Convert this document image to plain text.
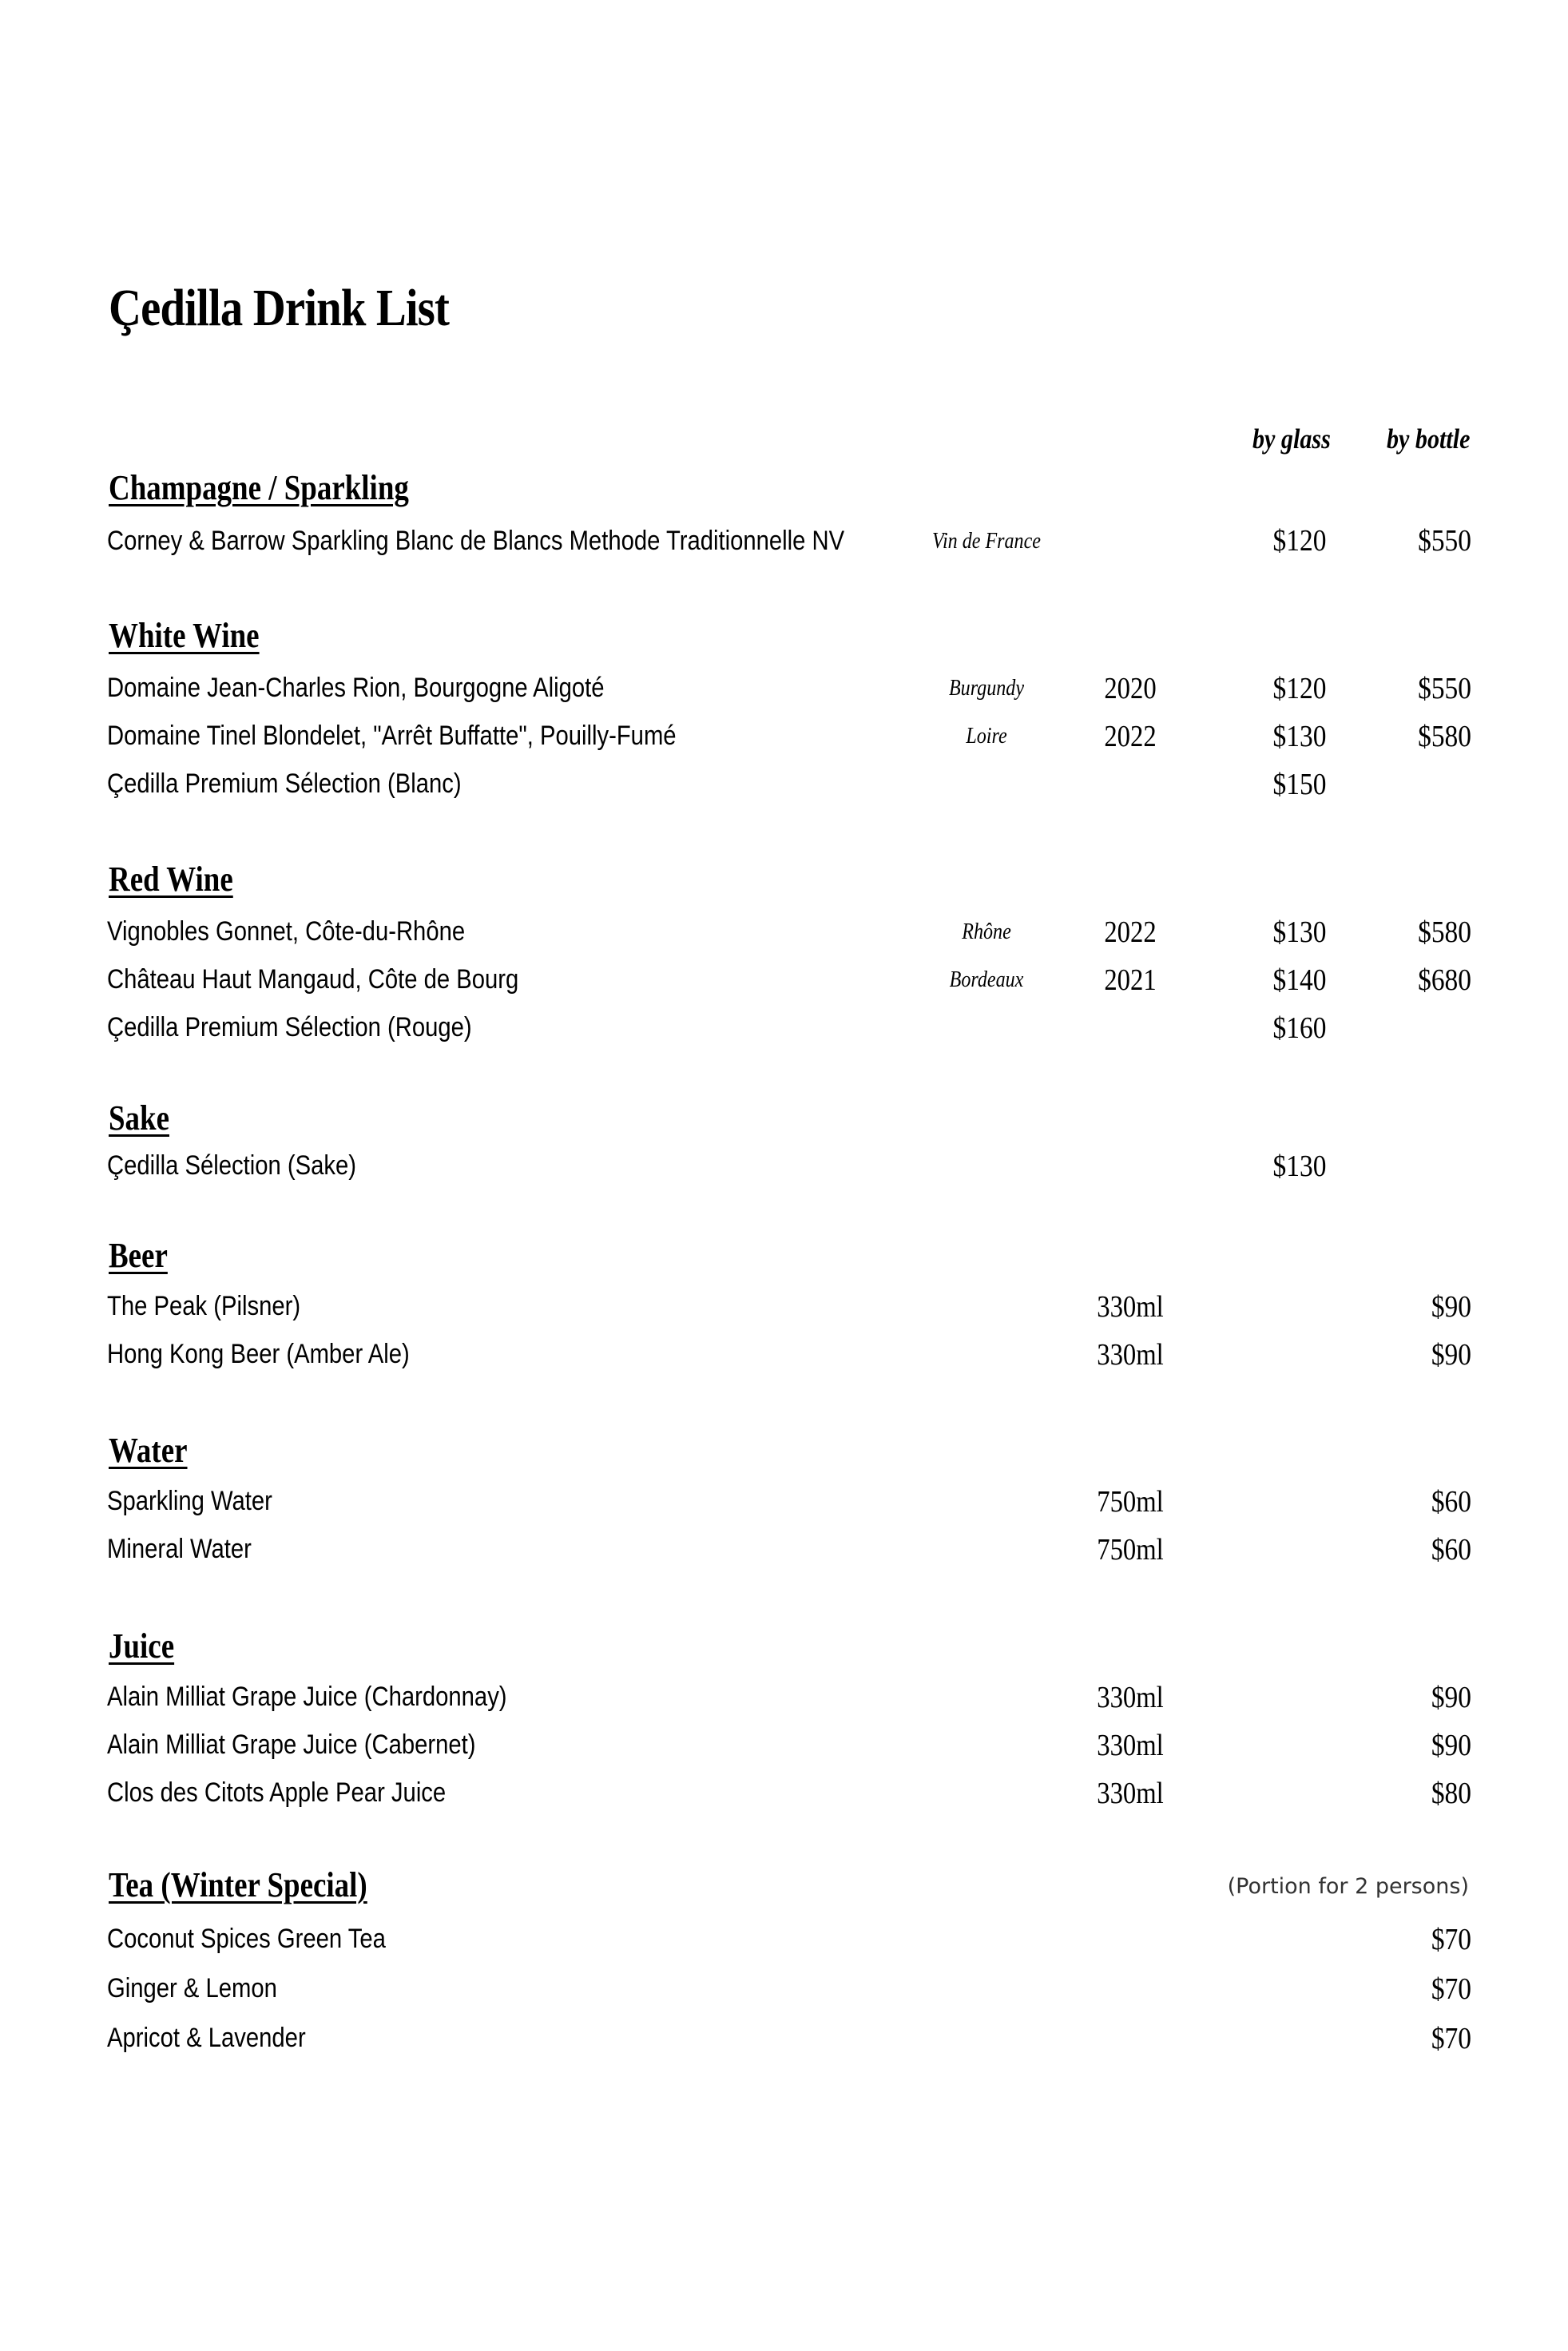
Çedilla Drink List
by glass by bottle
Champagne / Sparkling
Corney & Barrow Sparkling Blanc de Blancs Methode Traditionnelle NV	Vin de France	$120	$550
White Wine
Domaine Jean-Charles Rion, Bourgogne Aligoté	Burgundy	2020	$120	$550
Domaine Tinel Blondelet, "Arrêt Buffatte", Pouilly-Fumé	Loire	2022	$130	$580
Çedilla Premium Sélection (Blanc)	$150
Red Wine
Vignobles Gonnet, Côte-du-Rhône	Rhône	2022	$130	$580
Château Haut Mangaud, Côte de Bourg	Bordeaux	2021	$140	$680
Çedilla Premium Sélection (Rouge)	$160
Sake
Çedilla Sélection (Sake)	$130
Beer
The Peak (Pilsner)	330ml	$90
Hong Kong Beer (Amber Ale)	330ml	$90
Water
Sparkling Water	750ml	$60
Mineral Water	750ml	$60
Juice
Alain Milliat Grape Juice (Chardonnay)	330ml	$90
Alain Milliat Grape Juice (Cabernet)	330ml	$90
Clos des Citots Apple Pear Juice	330ml	$80
Tea (Winter Special)	(Portion for 2 persons)
Coconut Spices Green Tea	$70
Ginger & Lemon	$70
Apricot & Lavender	$70
